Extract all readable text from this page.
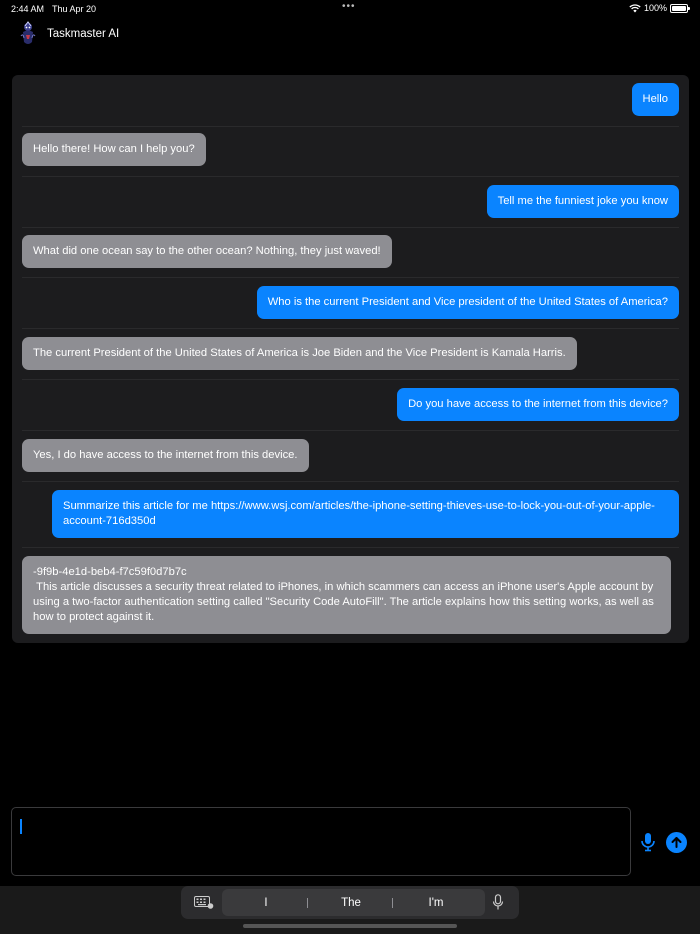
2:44 AM Thu Apr 20	•••	100%
Taskmaster AI
Hello
Hello there! How can I help you?
Tell me the funniest joke you know
What did one ocean say to the other ocean? Nothing, they just waved!
Who is the current President and Vice president of the United States of America?
The current President of the United States of America is Joe Biden and the Vice President is Kamala Harris.
Do you have access to the internet from this device?
Yes, I do have access to the internet from this device.
Summarize this article for me https://www.wsj.com/articles/the-iphone-setting-thieves-use-to-lock-you-out-of-your-apple-account-716d350d
-9f9b-4e1d-beb4-f7c59f0d7b7c
This article discusses a security threat related to iPhones, in which scammers can access an iPhone user's Apple account by using a two-factor authentication setting called "Security Code AutoFill". The article explains how this setting works, as well as how to protect against it.
I	The	I'm
